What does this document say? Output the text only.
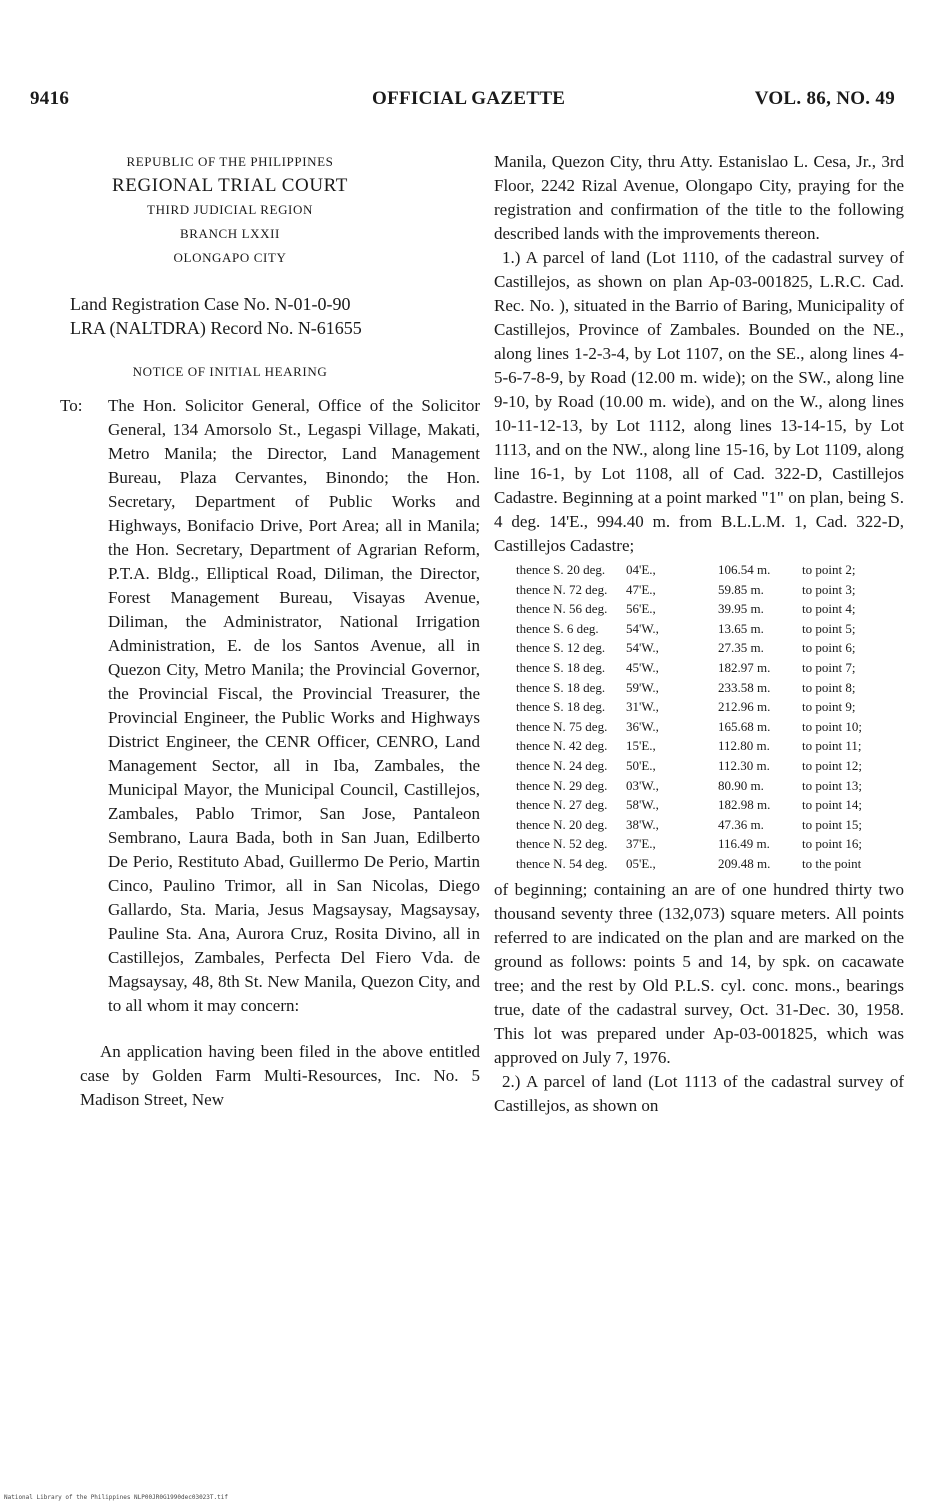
9416	OFFICIAL GAZETTE	VOL. 86, NO. 49
REPUBLIC OF THE PHILIPPINES
REGIONAL TRIAL COURT
THIRD JUDICIAL REGION
BRANCH LXXII
OLONGAPO CITY
Land Registration Case No. N-01-0-90
LRA (NALTDRA) Record No. N-61655
NOTICE OF INITIAL HEARING
To: The Hon. Solicitor General, Office of the Solicitor General, 134 Amorsolo St., Legaspi Village, Makati, Metro Manila; the Director, Land Management Bureau, Plaza Cervantes, Binondo; the Hon. Secretary, Department of Public Works and Highways, Bonifacio Drive, Port Area; all in Manila; the Hon. Secretary, Department of Agrarian Reform, P.T.A. Bldg., Elliptical Road, Diliman, the Director, Forest Management Bureau, Visayas Avenue, Diliman, the Administrator, National Irrigation Administration, E. de los Santos Avenue, all in Quezon City, Metro Manila; the Provincial Governor, the Provincial Fiscal, the Provincial Treasurer, the Provincial Engineer, the Public Works and Highways District Engineer, the CENR Officer, CENRO, Land Management Sector, all in Iba, Zambales, the Municipal Mayor, the Municipal Council, Castillejos, Zambales, Pablo Trimor, San Jose, Pantaleon Sembrano, Laura Bada, both in San Juan, Edilberto De Perio, Restituto Abad, Guillermo De Perio, Martin Cinco, Paulino Trimor, all in San Nicolas, Diego Gallardo, Sta. Maria, Jesus Magsaysay, Magsaysay, Pauline Sta. Ana, Aurora Cruz, Rosita Divino, all in Castillejos, Zambales, Perfecta Del Fiero Vda. de Magsaysay, 48, 8th St. New Manila, Quezon City, and to all whom it may concern:
An application having been filed in the above entitled case by Golden Farm Multi-Resources, Inc. No. 5 Madison Street, New

Manila, Quezon City, thru Atty. Estanislao L. Cesa, Jr., 3rd Floor, 2242 Rizal Avenue, Olongapo City, praying for the registration and confirmation of the title to the following described lands with the improvements thereon.

1.) A parcel of land (Lot 1110, of the cadastral survey of Castillejos, as shown on plan Ap-03-001825, L.R.C. Cad. Rec. No. ), situated in the Barrio of Baring, Municipality of Castillejos, Province of Zambales. Bounded on the NE., along lines 1-2-3-4, by Lot 1107, on the SE., along lines 4-5-6-7-8-9, by Road (12.00 m. wide); on the SW., along line 9-10, by Road (10.00 m. wide), and on the W., along lines 10-11-12-13, by Lot 1112, along lines 13-14-15, by Lot 1113, and on the NW., along line 15-16, by Lot 1109, along line 16-1, by Lot 1108, all of Cad. 322-D, Castillejos Cadastre. Beginning at a point marked "1" on plan, being S. 4 deg. 14'E., 994.40 m. from B.L.L.M. 1, Cad. 322-D, Castillejos Cadastre;

thence S. 20 deg.	04'E.,	106.54 m.	to point 2;
thence N. 72 deg.	47'E.,	59.85 m.	to point 3;
thence N. 56 deg.	56'E.,	39.95 m.	to point 4;
thence S. 6 deg.	54'W.,	13.65 m.	to point 5;
thence S. 12 deg.	54'W.,	27.35 m.	to point 6;
thence S. 18 deg.	45'W.,	182.97 m.	to point 7;
thence S. 18 deg.	59'W.,	233.58 m.	to point 8;
thence S. 18 deg.	31'W.,	212.96 m.	to point 9;
thence N. 75 deg.	36'W.,	165.68 m.	to point 10;
thence N. 42 deg.	15'E.,	112.80 m.	to point 11;
thence N. 24 deg.	50'E.,	112.30 m.	to point 12;
thence N. 29 deg.	03'W.,	80.90 m.	to point 13;
thence N. 27 deg.	58'W.,	182.98 m.	to point 14;
thence N. 20 deg.	38'W.,	47.36 m.	to point 15;
thence N. 52 deg.	37'E.,	116.49 m.	to point 16;
thence N. 54 deg.	05'E.,	209.48 m.	to the point

of beginning; containing an are of one hundred thirty two thousand seventy three (132,073) square meters. All points referred to are indicated on the plan and are marked on the ground as follows: points 5 and 14, by spk. on cacawate tree; and the rest by Old P.L.S. cyl. conc. mons., bearings true, date of the cadastral survey, Oct. 31-Dec. 30, 1958. This lot was prepared under Ap-03-001825, which was approved on July 7, 1976.

2.) A parcel of land (Lot 1113 of the cadastral survey of Castillejos, as shown on

National Library of the Philippines NLP00JR0G1990dec03023T.tif
